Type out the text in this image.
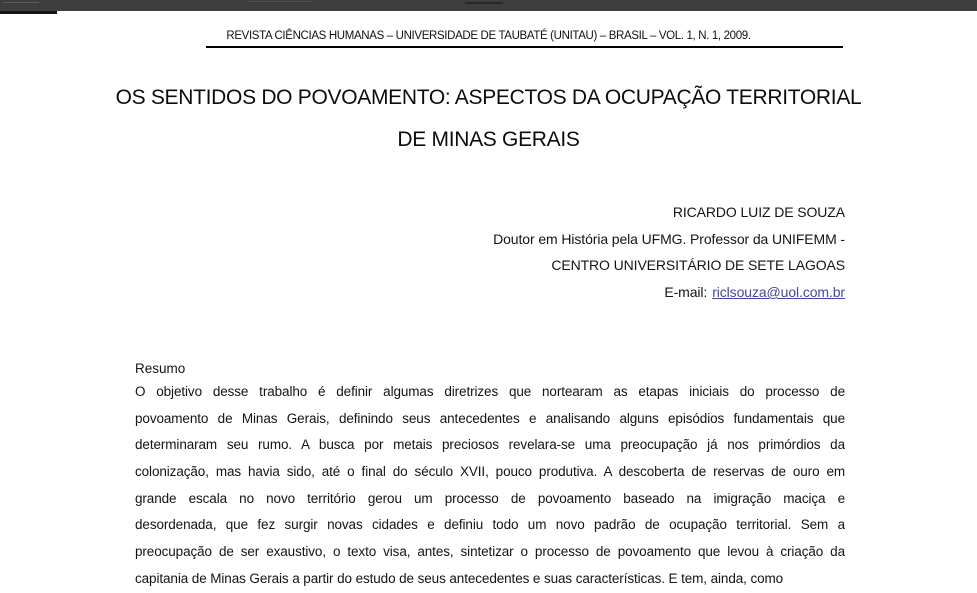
REVISTA CIÊNCIAS HUMANAS – UNIVERSIDADE DE TAUBATÉ (UNITAU) – BRASIL – VOL. 1, N. 1, 2009.
OS SENTIDOS DO POVOAMENTO: ASPECTOS DA OCUPAÇÃO TERRITORIAL
DE MINAS GERAIS
RICARDO LUIZ DE SOUZA
Doutor em História pela UFMG. Professor da UNIFEMM -
CENTRO UNIVERSITÁRIO DE SETE LAGOAS
E-mail: riclsouza@uol.com.br
Resumo
O objetivo desse trabalho é definir algumas diretrizes que nortearam as etapas iniciais do processo de
povoamento de Minas Gerais, definindo seus antecedentes e analisando alguns episódios fundamentais que
determinaram seu rumo. A busca por metais preciosos revelara-se uma preocupação já nos primórdios da
colonização, mas havia sido, até o final do século XVII, pouco produtiva. A descoberta de reservas de ouro em
grande escala no novo território gerou um processo de povoamento baseado na imigração maciça e
desordenada, que fez surgir novas cidades e definiu todo um novo padrão de ocupação territorial. Sem a
preocupação de ser exaustivo, o texto visa, antes, sintetizar o processo de povoamento que levou à criação da
capitania de Minas Gerais a partir do estudo de seus antecedentes e suas características. E tem, ainda, como
